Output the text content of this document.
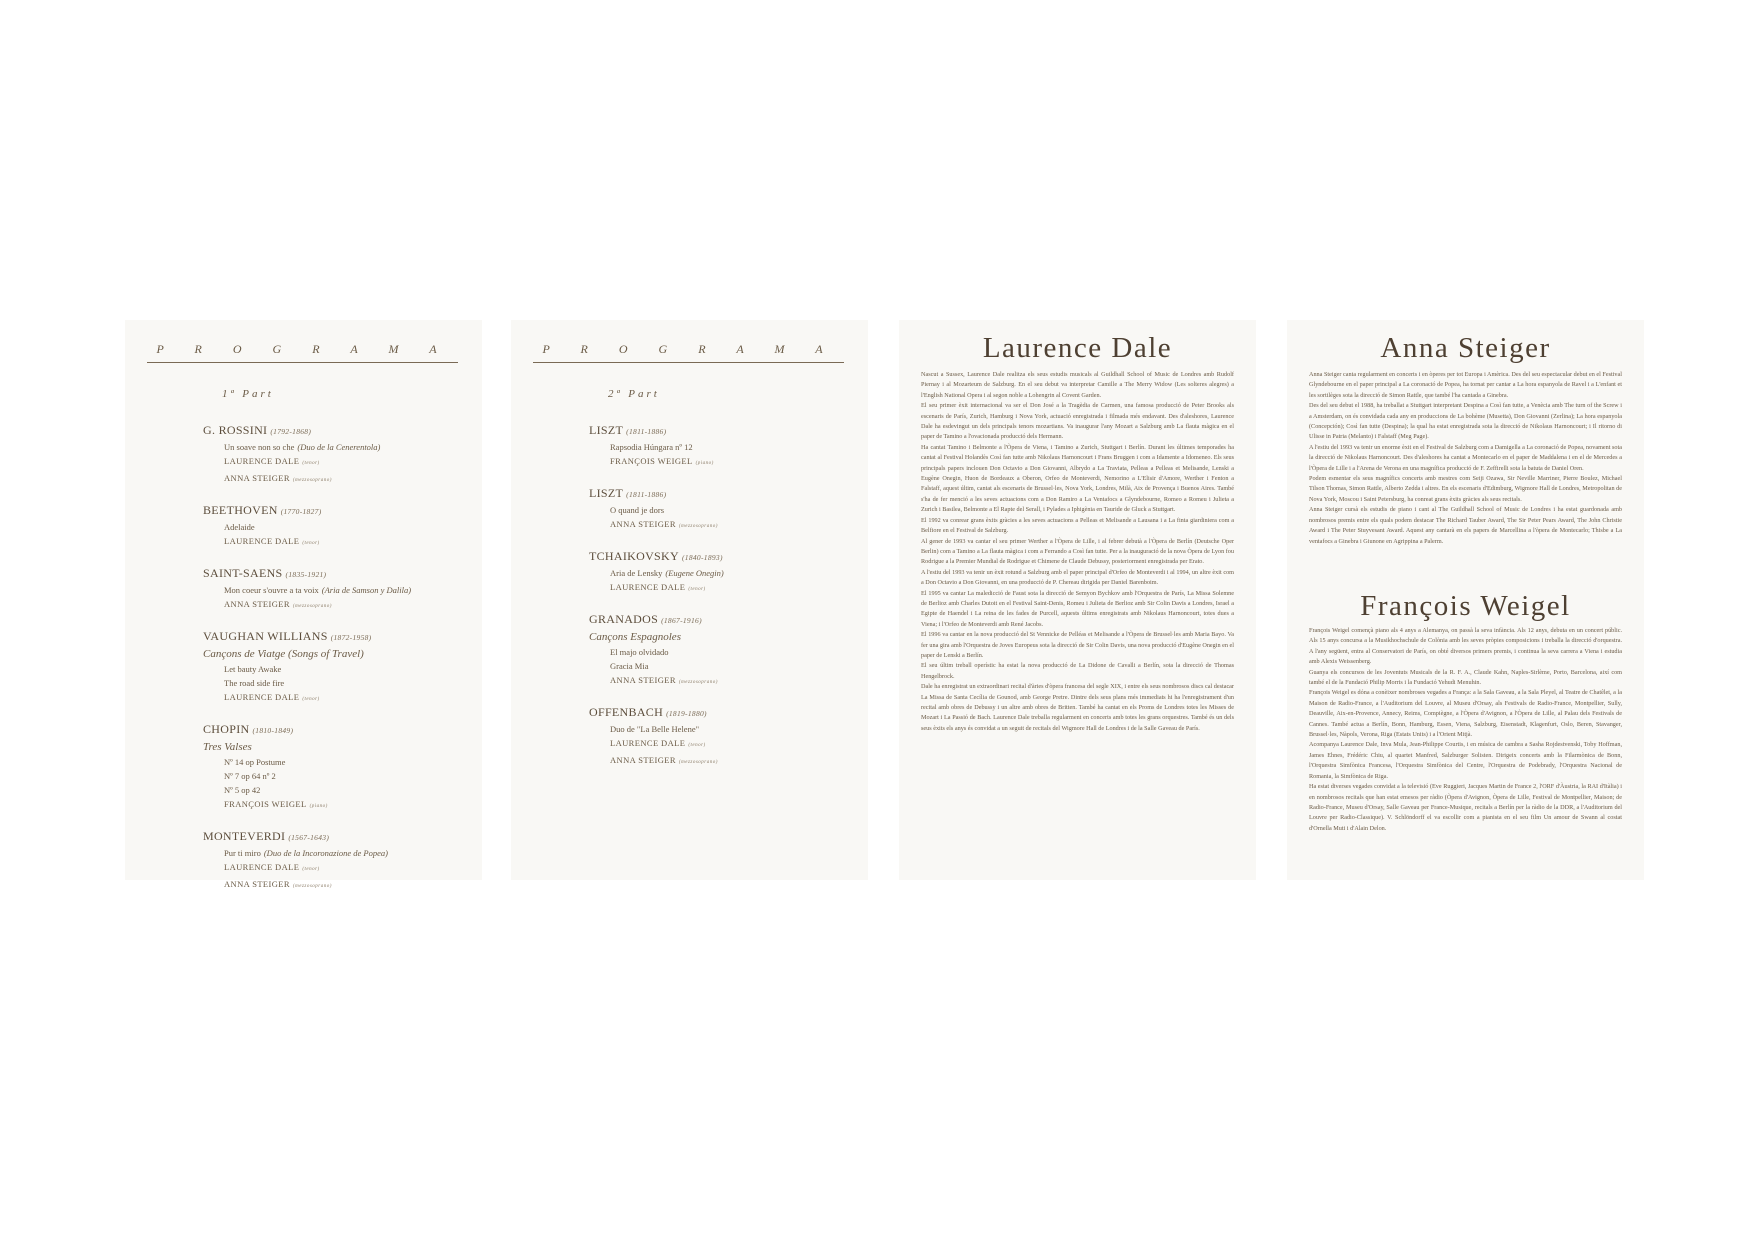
P R O G R A M A
1ª Part
G. ROSSINI (1792-1868)
Un soave non so che (Duo de la Cenerentola)
LAURENCE DALE (tenor)
ANNA STEIGER (mezzosoprano)
BEETHOVEN (1770-1827)
Adelaide
LAURENCE DALE (tenor)
SAINT-SAENS (1835-1921)
Mon coeur s'ouvre a ta voix (Aria de Samson y Dalila)
ANNA STEIGER (mezzosoprano)
VAUGHAN WILLIANS (1872-1958)
Cançons de Viatge (Songs of Travel)
Let bauty Awake
The road side fire
LAURENCE DALE (tenor)
CHOPIN (1810-1849)
Tres Valses
Nº 14 op Postume
Nº 7 op 64 nº 2
Nº 5 op 42
FRANÇOIS WEIGEL (piano)
MONTEVERDI (1567-1643)
Pur ti miro (Duo de la Incoronazione de Popea)
LAURENCE DALE (tenor)
ANNA STEIGER (mezzosoprano)
P R O G R A M A
2ª Part
LISZT (1811-1886)
Rapsodia Húngara nº 12
FRANÇOIS WEIGEL (piano)
LISZT (1811-1886)
O quand je dors
ANNA STEIGER (mezzosoprano)
TCHAIKOVSKY (1840-1893)
Aria de Lensky (Eugene Onegin)
LAURENCE DALE (tenor)
GRANADOS (1867-1916)
Cançons Espagnoles
El majo olvidado
Gracia Mia
ANNA STEIGER (mezzosoprano)
OFFENBACH (1819-1880)
Duo de "La Belle Helene"
LAURENCE DALE (tenor)
ANNA STEIGER (mezzosoprano)
Laurence Dale

Nascut a Sussex, Laurence Dale realitza els seus estudis musicals al Guildhall School of Music de Londres amb Rudolf Piernay i al Mozarteum de Salzburg. En el seu debut va interpretar Camille a The Merry Widow (Les solteres alegres) a l'English National Opera i al segon noble a Lohengrin al Covent Garden.

El seu primer èxit internacional va ser el Don José a la Tragèdia de Carmen, una famosa producció de Peter Brooks als escenaris de París, Zurich, Hamburg i Nova York, actuació enregistrada i filmada més endavant. Des d'aleshores, Laurence Dale ha esdevingut un dels principals tenors mozartians. Va inaugurar l'any Mozart a Salzburg amb La flauta màgica en el paper de Tamino a l'ovacionada producció dels Hermann.

Ha cantat Tamino i Belmonte a l'Òpera de Viena, i Tamino a Zurich, Stuttgart i Berlín. Durant les últimes temporades ha cantat al Festival Holandès Così fan tutte amb Nikolaus Harnoncourt i Frans Bruggen i com a Idamente a Idomeneo. Els seus principals papers inclouen Don Octavio a Don Giovanni, Albrydo a La Traviata, Pelleas a Pelleas et Melisande, Lenski a Eugène Onegin, Huon de Bordeaux a Oberon, Orfeo de Monteverdi, Nemorino a L'Elisir d'Amore, Werther i Fenton a Falstaff, aquest últim, cantat als escenaris de Brussel·les, Nova York, Londres, Milà, Aix de Provença i Buenos Aires. També s'ha de fer menció a les seves actuacions com a Don Ramiro a La Ventafocs a Glyndebourne, Romeo a Romeu i Julieta a Zurich i Basilea, Belmonte a El Rapte del Serall, i Pylades a Iphigènia en Tauride de Gluck a Stuttgart.

El 1992 va conrear grans èxits gràcies a les seves actuacions a Pelleas et Melisande a Lausana i a La finta giardiniera com a Belfiore en el Festival de Salzburg.

Al gener de 1993 va cantar el seu primer Werther a l'Òpera de Lille, i al febrer debutà a l'Òpera de Berlín (Deutsche Oper Berlin) com a Tamino a La flauta màgica i com a Ferrando a Così fan tutte. Per a la inauguració de la nova Òpera de Lyon fou Rodrigue a la Premier Mundial de Rodrigue et Chimene de Claude Debussy, posteriorment enregistrada per Erato.

A l'estiu del 1993 va tenir un èxit rotund a Salzburg amb el paper principal d'Orfeo de Monteverdi i al 1994, un altre èxit com a Don Octavio a Don Giovanni, en una producció de P. Chereau dirigida per Daniel Barenboim.

El 1995 va cantar La maledicció de Faust sota la direcció de Semyon Bychkov amb l'Orquestra de París, La Missa Solemne de Berlioz amb Charles Dutoit en el Festival Saint-Denis, Romeu i Julieta de Berlioz amb Sir Colin Davis a Londres, Israel a Egipte de Haendel i La reina de les fades de Purcell, aquests últims enregistrats amb Nikolaus Harnoncourt, totes dues a Viena; i l'Orfeo de Monteverdi amb René Jacobs.

El 1996 va cantar en la nova producció del St Vennicke de Pelléas et Melisande a l'Òpera de Brussel·les amb Maria Bayo. Va fer una gira amb l'Orquestra de Joves Europeus sota la direcció de Sir Colin Davis, una nova producció d'Eugène Onegin en el paper de Lenski a Berlín.

El seu últim treball operístic ha estat la nova producció de La Didone de Cavalli a Berlín, sota la direcció de Thomas Hengelbrock.

Dale ha enregistrat un extraordinari recital d'àries d'òpera francesa del segle XIX, i entre els seus nombrosos discs cal destacar La Missa de Santa Cecília de Gounod, amb George Pretre. Dintre dels seus plans més immediats hi ha l'enregistrament d'un recital amb obres de Debussy i un altre amb obres de Britten. També ha cantat en els Proms de Londres totes les Misses de Mozart i La Passió de Bach. Laurence Dale treballa regularment en concerts amb totes les grans orquestres. També és un dels seus èxits els anys és convidat a un seguit de recitals del Wigmore Hall de Londres i de la Salle Gaveau de París.

Anna Steiger

Anna Steiger canta regularment en concerts i en òperes per tot Europa i Amèrica. Des del seu espectacular debut en el Festival Glyndebourne en el paper principal a La coronació de Popea, ha tornat per cantar a La hora espanyola de Ravel i a L'enfant et les sortilèges sota la direcció de Simon Rattle, que també l'ha cantada a Ginebra.

Des del seu debut el 1988, ha treballat a Stuttgart interpretant Despina a Così fan tutte, a Venècia amb The turn of the Screw i a Amsterdam, on és convidada cada any en produccions de La bohème (Musetta), Don Giovanni (Zerlina); La hora espanyola (Concepción); Così fan tutte (Despina); la qual ha estat enregistrada sota la direcció de Nikolaus Harnoncourt; i Il ritorno di Ulisse in Patria (Melanto) i Falstaff (Meg Page).

A l'estiu del 1993 va tenir un enorme èxit en el Festival de Salzburg com a Damigella a La coronació de Popea, novament sota la direcció de Nikolaus Harnoncourt. Des d'aleshores ha cantat a Montecarlo en el paper de Maddalena i en el de Mercedes a l'Òpera de Lille i a l'Arena de Verona en una magnífica producció de F. Zeffirelli sota la batuta de Daniel Oren.

Podem esmentar els seus magnífics concerts amb mestres com Seiji Ozawa, Sir Neville Marriner, Pierre Boulez, Michael Tilson Thomas, Simon Rattle, Alberto Zedda i altres. En els escenaris d'Edimburg, Wigmore Hall de Londres, Metropolitan de Nova York, Moscou i Saint Petersburg, ha conreat grans èxits gràcies als seus recitals.

Anna Steiger cursà els estudis de piano i cant al The Guildhall School of Music de Londres i ha estat guardonada amb nombrosos premis entre els quals podem destacar The Richard Tauber Award, The Sir Peter Pears Award, The John Christie Award i The Peter Stuyvesant Award. Aquest any cantarà en els papers de Marcellina a l'òpera de Montecarlo; Thisbe a La ventafocs a Ginebra i Giunone en Agrippina a Palerm.

François Weigel

François Weigel començà piano als 4 anys a Alemanya, on passà la seva infància. Als 12 anys, debuta en un concert públic. Als 15 anys concursa a la Musikhochschule de Colònia amb les seves pròpies composicions i treballa la direcció d'orquestra. A l'any següent, entra al Conservatori de París, on obté diversos primers premis, i continua la seva carrera a Viena i estudia amb Alexis Weissenberg.

Guanya els concursos de les Joventuts Musicals de la R. F. A., Claude Kahn, Naples-Sirlème, Porto, Barcelona, així com també el de la Fundació Philip Morris i la Fundació Yehudi Menuhin.

François Weigel es dóna a conèixer nombroses vegades a França: a la Sala Gaveau, a la Sala Pleyel, al Teatre de Chatêlet, a la Maison de Radio-France, a l'Auditorium del Louvre, al Museu d'Orsay, als Festivals de Radio-France, Montpellier, Sully, Deauville, Aix-en-Provence, Annecy, Reims, Compiègne, a l'Òpera d'Avignon, a l'Òpera de Lille, al Palau dels Festivals de Cannes. També actua a Berlín, Bonn, Hamburg, Essen, Viena, Salzburg, Eisenstadt, Klagenfurt, Oslo, Beren, Stavanger, Brussel·les, Nàpols, Verona, Riga (Estats Units) i a l'Orient Mitjà.

Acompanya Laurence Dale, Inva Mula, Jean-Philippe Courtis, i en música de cambra a Sasha Rojdestvenski, Toby Hoffman, James Ehnes, Frédéric Chiu, al quartet Manfred, Salzburger Solisten. Dirigeix concerts amb la Filarmònica de Bonn, l'Orquestra Simfònica Francesa, l'Orquestra Simfònica del Centre, l'Orquestra de Podebrady, l'Orquestra Nacional de Romania, la Simfònica de Riga.

Ha estat diverses vegades convidat a la televisió (Eve Ruggieri, Jacques Martin de France 2, l'ORF d'Àustria, la RAI d'Itàlia) i en nombrosos recitals que han estat emesos per ràdio (Òpera d'Avignon, Òpera de Lille, Festival de Montpellier, Maison; de Radio-France, Museu d'Orsay, Salle Gaveau per France-Musique, recitals a Berlín per la ràdio de la DDR, a l'Auditorium del Louvre per Radio-Classique). V. Schlöndorff el va escollir com a pianista en el seu film Un amour de Swann al costat d'Ornella Muti i d'Alain Delon.
